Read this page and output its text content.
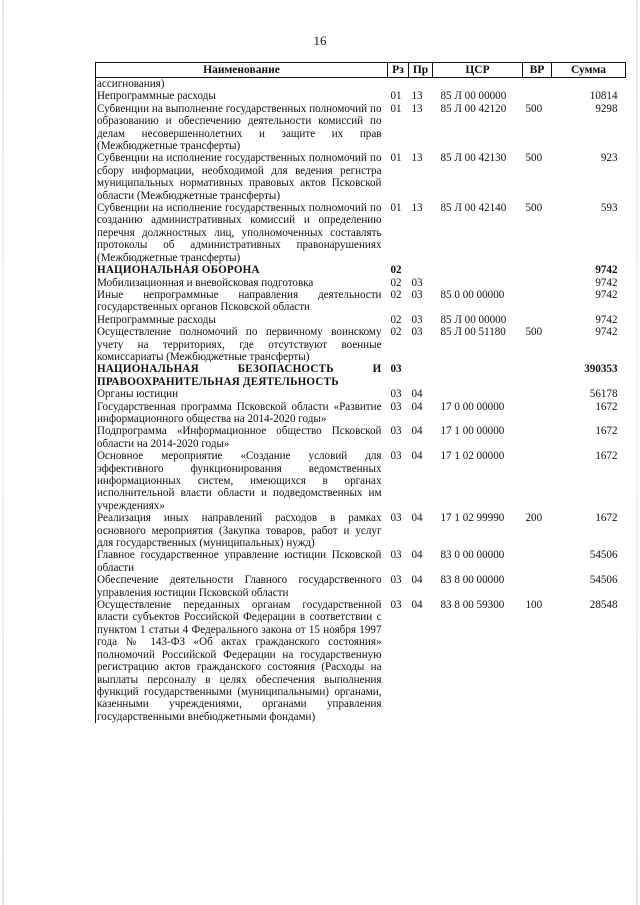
16
Наименование	Рз	Пр	ЦСР	ВР	Сумма
ассигнования)					
Непрограммные расходы	01	13	85 Л 00 00000		10814
Субвенции на выполнение государственных полномочий по образованию и обеспечению деятельности комиссий по делам несовершеннолетних и защите их прав (Межбюджетные трансферты)	01	13	85 Л 00 42120	500	9298
Субвенции на исполнение государственных полномочий по сбору информации, необходимой для ведения регистра муниципальных нормативных правовых актов Псковской области (Межбюджетные трансферты)	01	13	85 Л 00 42130	500	923
Субвенции на исполнение государственных полномочий по созданию административных комиссий и определению перечня должностных лиц, уполномоченных составлять протоколы об административных правонарушениях (Межбюджетные трансферты)	01	13	85 Л 00 42140	500	593
НАЦИОНАЛЬНАЯ ОБОРОНА	02				9742
Мобилизационная и вневойсковая подготовка	02	03			9742
Иные непрограммные направления деятельности государственных органов Псковской области	02	03	85 0 00 00000		9742
Непрограммные расходы	02	03	85 Л 00 00000		9742
Осуществление полномочий по первичному воинскому учету на территориях, где отсутствуют военные комиссариаты (Межбюджетные трансферты)	02	03	85 Л 00 51180	500	9742
НАЦИОНАЛЬНАЯ БЕЗОПАСНОСТЬ И ПРАВООХРАНИТЕЛЬНАЯ ДЕЯТЕЛЬНОСТЬ	03				390353
Органы юстиции	03	04			56178
Государственная программа Псковской области «Развитие информационного общества на 2014-2020 годы»	03	04	17 0 00 00000		1672
Подпрограмма «Информационное общество Псковской области на 2014-2020 годы»	03	04	17 1 00 00000		1672
Основное мероприятие «Создание условий для эффективного функционирования ведомственных информационных систем, имеющихся в органах исполнительной власти области и подведомственных им учреждениях»	03	04	17 1 02 00000		1672
Реализация иных направлений расходов в рамках основного мероприятия (Закупка товаров, работ и услуг для государственных (муниципальных) нужд)	03	04	17 1 02 99990	200	1672
Главное государственное управление юстиции Псковской области	03	04	83 0 00 00000		54506
Обеспечение деятельности Главного государственного управления юстиции Псковской области	03	04	83 8 00 00000		54506
Осуществление переданных органам государственной власти субъектов Российской Федерации в соответствии с пунктом 1 статьи 4 Федерального закона от 15 ноября 1997 года № 143-ФЗ «Об актах гражданского состояния» полномочий Российской Федерации на государственную регистрацию актов гражданского состояния (Расходы на выплаты персоналу в целях обеспечения выполнения функций государственными (муниципальными) органами, казенными учреждениями, органами управления государственными внебюджетными фондами)	03	04	83 8 00 59300	100	28548
